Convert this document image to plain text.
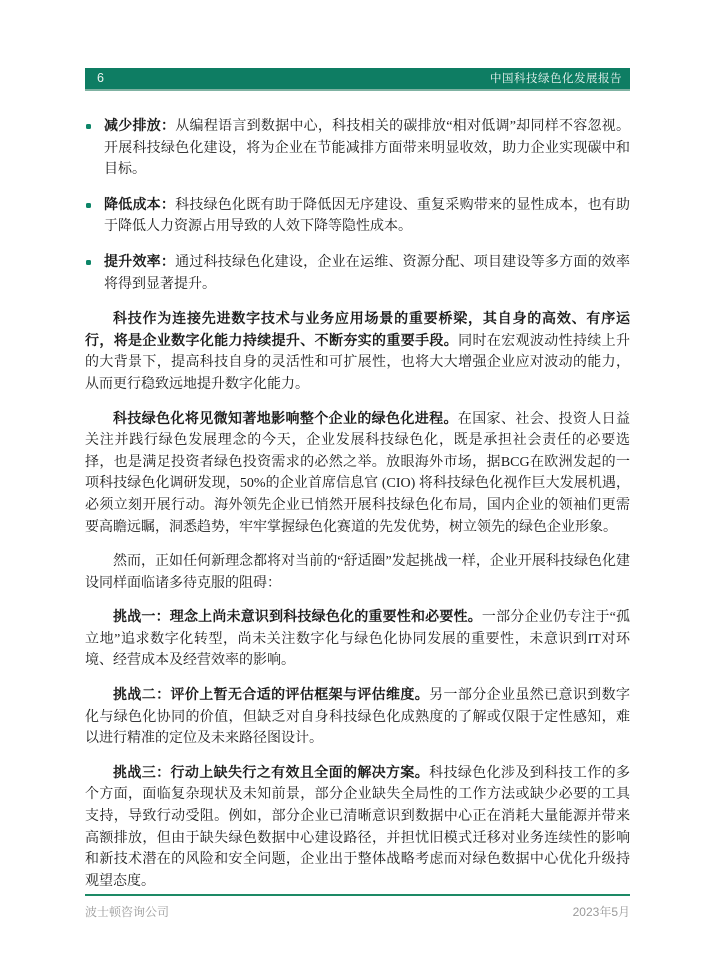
6	中国科技绿色化发展报告
减少排放：从编程语言到数据中心，科技相关的碳排放“相对低调”却同样不容忽视。开展科技绿色化建设，将为企业在节能减排方面带来明显收效，助力企业实现碳中和目标。
降低成本：科技绿色化既有助于降低因无序建设、重复采购带来的显性成本，也有助于降低人力资源占用导致的人效下降等隐性成本。
提升效率：通过科技绿色化建设，企业在运维、资源分配、项目建设等多方面的效率将得到显著提升。

科技作为连接先进数字技术与业务应用场景的重要桥梁，其自身的高效、有序运行，将是企业数字化能力持续提升、不断夯实的重要手段。同时在宏观波动性持续上升的大背景下，提高科技自身的灵活性和可扩展性，也将大大增强企业应对波动的能力，从而更行稳致远地提升数字化能力。

科技绿色化将见微知著地影响整个企业的绿色化进程。在国家、社会、投资人日益关注并践行绿色发展理念的今天，企业发展科技绿色化，既是承担社会责任的必要选择，也是满足投资者绿色投资需求的必然之举。放眼海外市场，据BCG在欧洲发起的一项科技绿色化调研发现，50%的企业首席信息官 (CIO) 将科技绿色化视作巨大发展机遇，必须立刻开展行动。海外领先企业已悄然开展科技绿色化布局，国内企业的领袖们更需要高瞻远瞩，洞悉趋势，牢牢掌握绿色化赛道的先发优势，树立领先的绿色企业形象。

然而，正如任何新理念都将对当前的“舒适圈”发起挑战一样，企业开展科技绿色化建设同样面临诸多待克服的阻碍：

挑战一：理念上尚未意识到科技绿色化的重要性和必要性。一部分企业仍专注于“孤立地”追求数字化转型，尚未关注数字化与绿色化协同发展的重要性，未意识到IT对环境、经营成本及经营效率的影响。

挑战二：评价上暂无合适的评估框架与评估维度。另一部分企业虽然已意识到数字化与绿色化协同的价值，但缺乏对自身科技绿色化成熟度的了解或仅限于定性感知，难以进行精准的定位及未来路径图设计。

挑战三：行动上缺失行之有效且全面的解决方案。科技绿色化涉及到科技工作的多个方面，面临复杂现状及未知前景，部分企业缺失全局性的工作方法或缺少必要的工具支持，导致行动受阻。例如，部分企业已清晰意识到数据中心正在消耗大量能源并带来高额排放，但由于缺失绿色数据中心建设路径，并担忧旧模式迁移对业务连续性的影响和新技术潜在的风险和安全问题，企业出于整体战略考虑而对绿色数据中心优化升级持观望态度。

波士顿咨询公司	2023年5月
